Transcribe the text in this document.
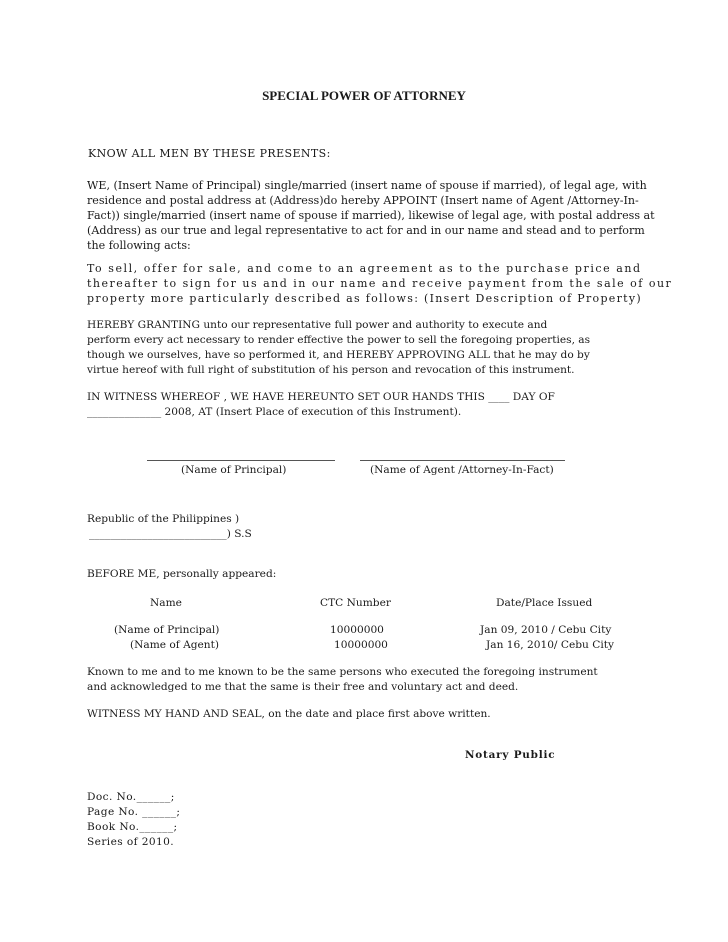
SPECIAL POWER OF ATTORNEY
KNOW ALL MEN BY THESE PRESENTS:
WE, (Insert Name of Principal) single/married (insert name of spouse if married), of legal age, with
residence and postal address at (Address)do hereby APPOINT (Insert name of Agent /Attorney-In-
Fact)) single/married (insert name of spouse if married), likewise of legal age, with postal address at
(Address) as our true and legal representative to act for and in our name and stead and to perform
the following acts:
To sell, offer for sale, and come to an agreement as to the purchase price and
thereafter to sign for us and in our name and receive payment from the sale of our
property more particularly described as follows: (Insert Description of Property)
HEREBY GRANTING unto our representative full power and authority to execute and
perform every act necessary to render effective the power to sell the foregoing properties, as
though we ourselves, have so performed it, and HEREBY APPROVING ALL that he may do by
virtue hereof with full right of substitution of his person and revocation of this instrument.
IN WITNESS WHEREOF , WE HAVE HEREUNTO SET OUR HANDS THIS ____ DAY OF
______________ 2008, AT (Insert Place of execution of this Instrument).
(Name of Principal)	(Name of Agent /Attorney-In-Fact)
Republic of the Philippines )
__________________________) S.S
BEFORE ME, personally appeared:
Name	CTC Number	Date/Place Issued
(Name of Principal)	10000000	Jan 09, 2010 / Cebu City
(Name of Agent)	10000000	Jan 16, 2010/ Cebu City
Known to me and to me known to be the same persons who executed the foregoing instrument
and acknowledged to me that the same is their free and voluntary act and deed.
WITNESS MY HAND AND SEAL, on the date and place first above written.
Notary Public
Doc. No.______;
Page No. ______;
Book No.______;
Series of 2010.
